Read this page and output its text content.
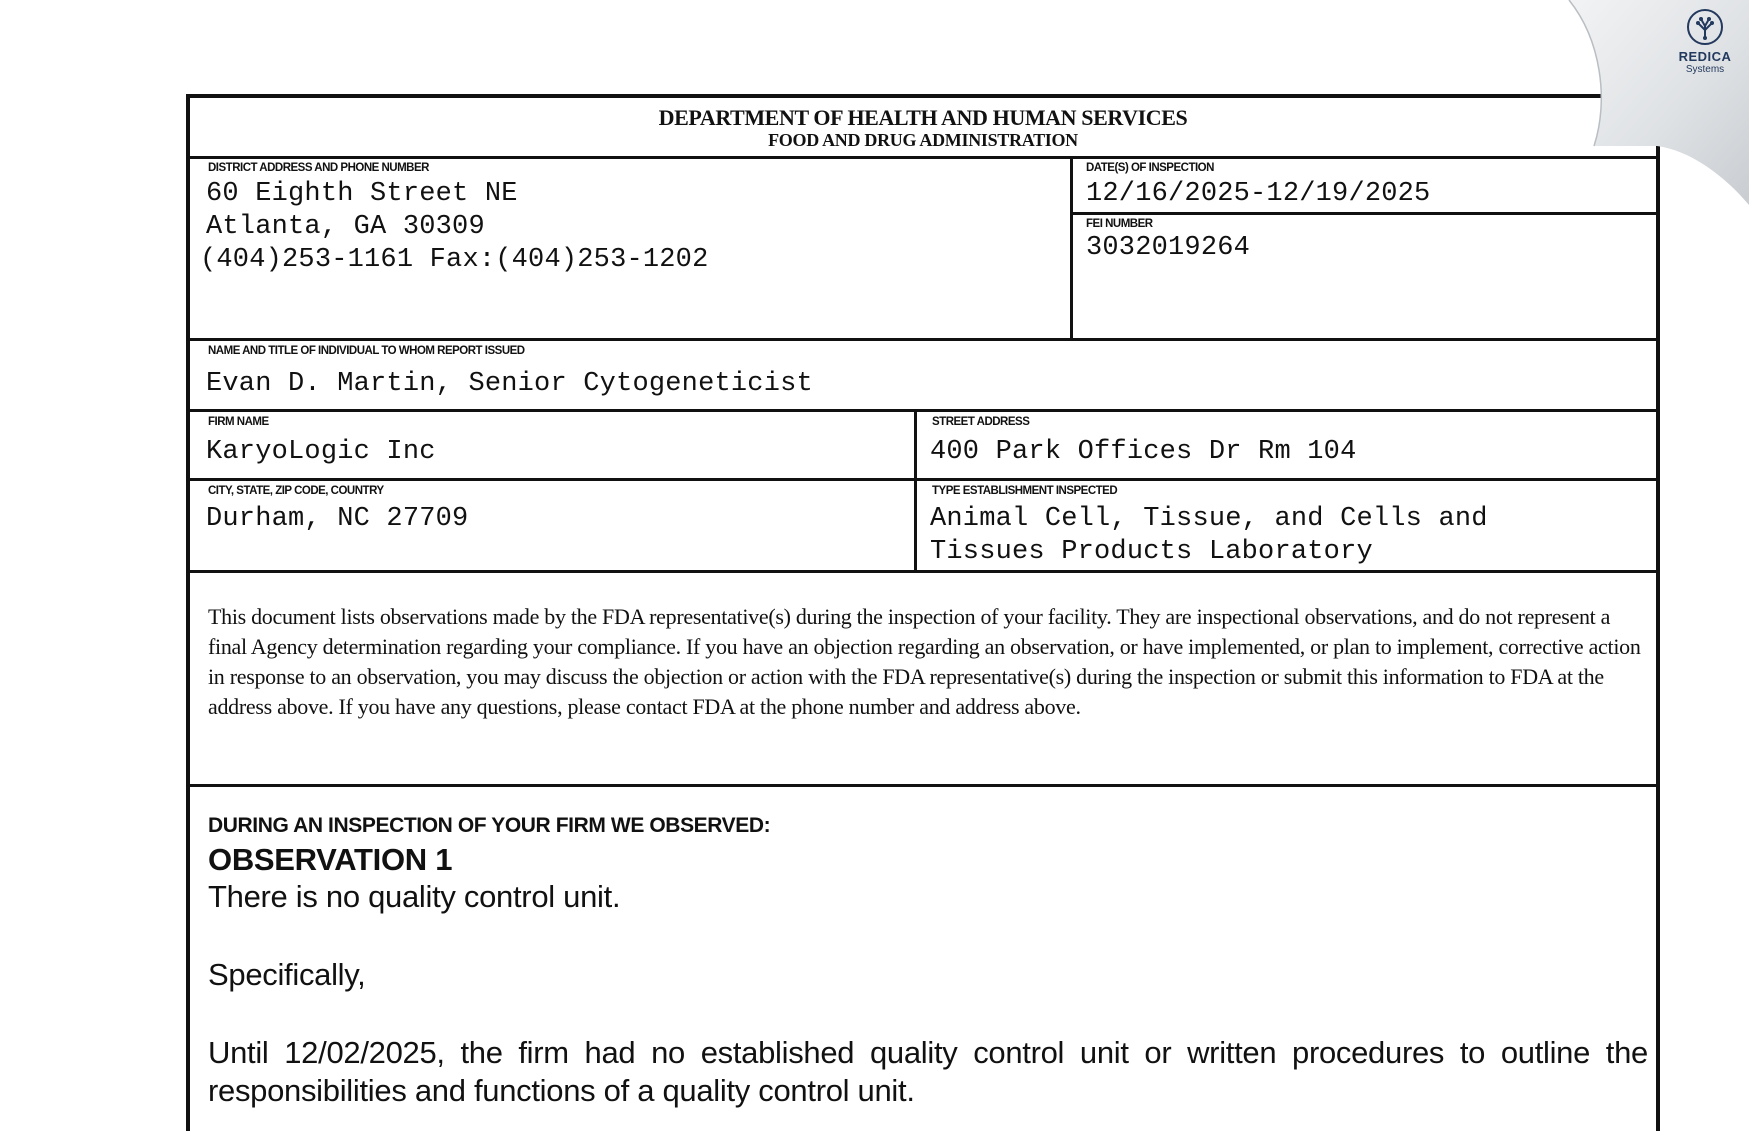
DEPARTMENT OF HEALTH AND HUMAN SERVICES
FOOD AND DRUG ADMINISTRATION
DISTRICT ADDRESS AND PHONE NUMBER
60 Eighth Street NE
Atlanta, GA 30309
(404)253-1161 Fax:(404)253-1202
DATE(S) OF INSPECTION
12/16/2025-12/19/2025
FEI NUMBER
3032019264
NAME AND TITLE OF INDIVIDUAL TO WHOM REPORT ISSUED
Evan D. Martin, Senior Cytogeneticist
FIRM NAME
KaryoLogic Inc
STREET ADDRESS
400 Park Offices Dr Rm 104
CITY, STATE, ZIP CODE, COUNTRY
Durham, NC 27709
TYPE ESTABLISHMENT INSPECTED
Animal Cell, Tissue, and Cells and
Tissues Products Laboratory
This document lists observations made by the FDA representative(s) during the inspection of your facility. They are inspectional observations, and do not represent a final Agency determination regarding your compliance. If you have an objection regarding an observation, or have implemented, or plan to implement, corrective action in response to an observation, you may discuss the objection or action with the FDA representative(s) during the inspection or submit this information to FDA at the address above. If you have any questions, please contact FDA at the phone number and address above.
DURING AN INSPECTION OF YOUR FIRM WE OBSERVED:
OBSERVATION 1
There is no quality control unit.
Specifically,
Until 12/02/2025, the firm had no established quality control unit or written procedures to outline the responsibilities and functions of a quality control unit.
REDICA
Systems
